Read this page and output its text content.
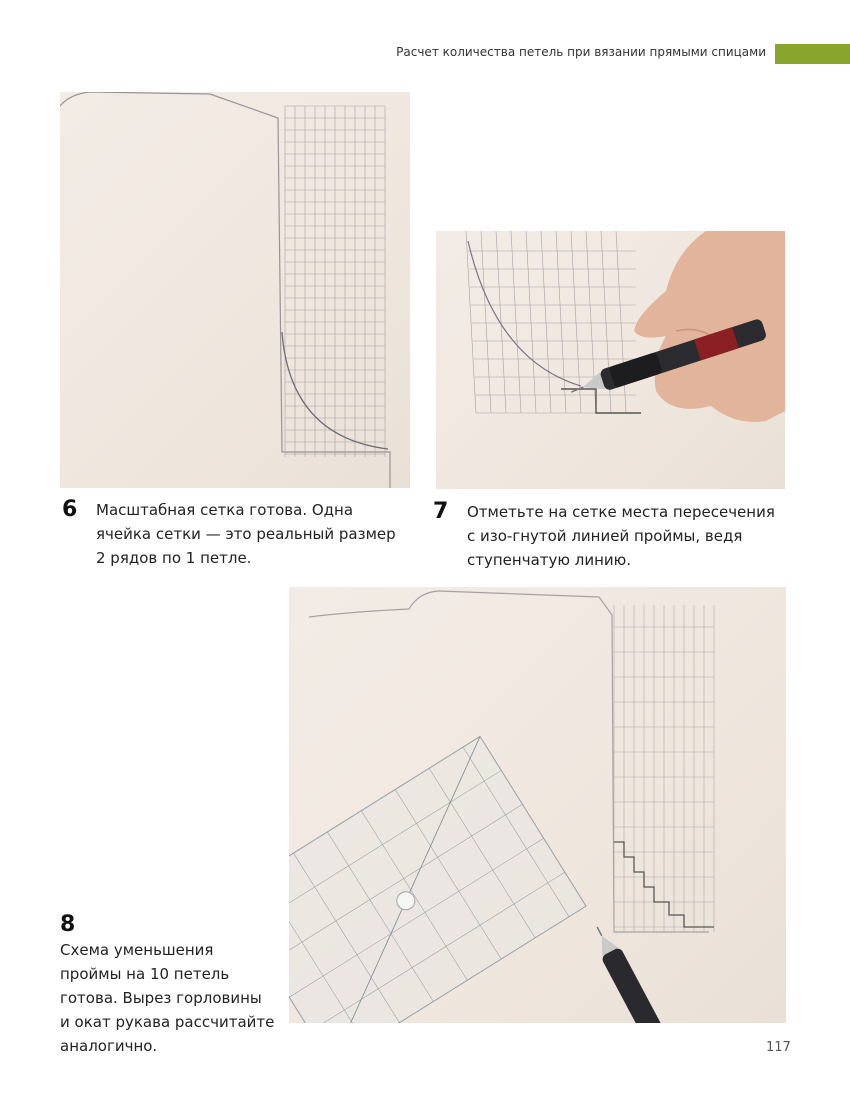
Расчет количества петель при вязании прямыми спицами
6 Масштабная сетка готова. Одна ячейка сетки — это реальный размер 2 рядов по 1 петле.
7 Отметьте на сетке места пересечения с изо-гнутой линией проймы, ведя ступенчатую линию.
8
Схема уменьшения проймы на 10 петель готова. Вырез горловины и окат рукава рассчитайте аналогично.	117
